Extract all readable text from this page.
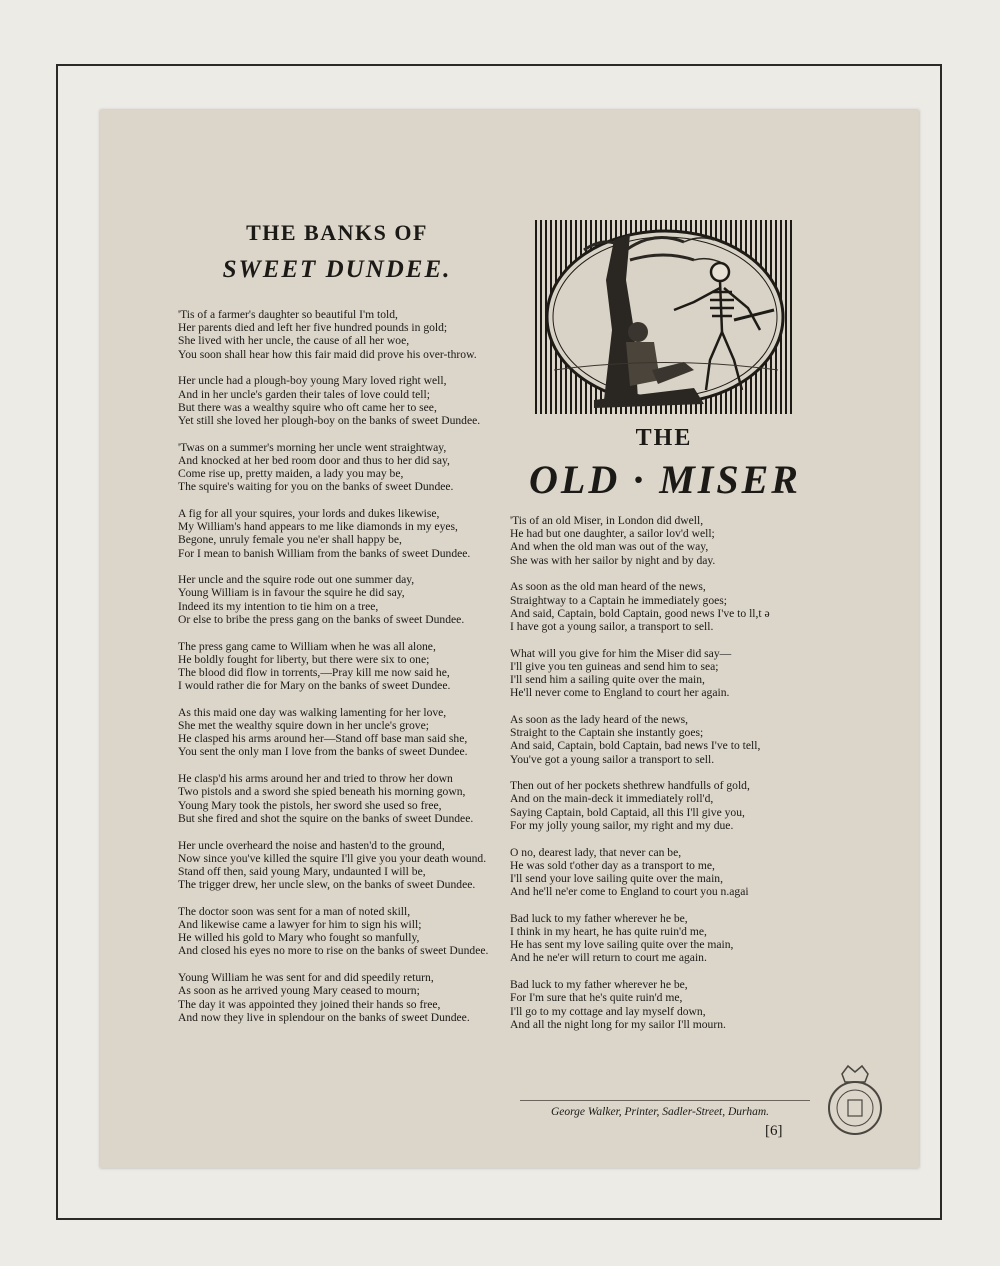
THE BANKS OF
SWEET DUNDEE.
'Tis of a farmer's daughter so beautiful I'm told,
Her parents died and left her five hundred pounds in gold;
She lived with her uncle, the cause of all her woe,
You soon shall hear how this fair maid did prove his over-throw.
Her uncle had a plough-boy young Mary loved right well,
And in her uncle's garden their tales of love could tell;
But there was a wealthy squire who oft came her to see,
Yet still she loved her plough-boy on the banks of sweet Dundee.
'Twas on a summer's morning her uncle went straightway,
And knocked at her bed room door and thus to her did say,
Come rise up, pretty maiden, a lady you may be,
The squire's waiting for you on the banks of sweet Dundee.
A fig for all your squires, your lords and dukes likewise,
My William's hand appears to me like diamonds in my eyes,
Begone, unruly female you ne'er shall happy be,
For I mean to banish William from the banks of sweet Dundee.
Her uncle and the squire rode out one summer day,
Young William is in favour the squire he did say,
Indeed its my intention to tie him on a tree,
Or else to bribe the press gang on the banks of sweet Dundee.
The press gang came to William when he was all alone,
He boldly fought for liberty, but there were six to one;
The blood did flow in torrents,—Pray kill me now said he,
I would rather die for Mary on the banks of sweet Dundee.
As this maid one day was walking lamenting for her love,
She met the wealthy squire down in her uncle's grove;
He clasped his arms around her—Stand off base man said she,
You sent the only man I love from the banks of sweet Dundee.
He clasp'd his arms around her and tried to throw her down
Two pistols and a sword she spied beneath his morning gown,
Young Mary took the pistols, her sword she used so free,
But she fired and shot the squire on the banks of sweet Dundee.
Her uncle overheard the noise and hasten'd to the ground,
Now since you've killed the squire I'll give you your death wound.
Stand off then, said young Mary, undaunted I will be,
The trigger drew, her uncle slew, on the banks of sweet Dundee.
The doctor soon was sent for a man of noted skill,
And likewise came a lawyer for him to sign his will;
He willed his gold to Mary who fought so manfully,
And closed his eyes no more to rise on the banks of sweet Dundee.
Young William he was sent for and did speedily return,
As soon as he arrived young Mary ceased to mourn;
The day it was appointed they joined their hands so free,
And now they live in splendour on the banks of sweet Dundee.
THE
OLD · MISER
'Tis of an old Miser, in London did dwell,
He had but one daughter, a sailor lov'd well;
And when the old man was out of the way,
She was with her sailor by night and by day.
As soon as the old man heard of the news,
Straightway to a Captain he immediately goes;
And said, Captain, bold Captain, good news I've to ll,t ə
I have got a young sailor, a transport to sell.
What will you give for him the Miser did say—
I'll give you ten guineas and send him to sea;
I'll send him a sailing quite over the main,
He'll never come to England to court her again.
As soon as the lady heard of the news,
Straight to the Captain she instantly goes;
And said, Captain, bold Captain, bad news I've to tell,
You've got a young sailor a transport to sell.
Then out of her pockets shethrew handfulls of gold,
And on the main-deck it immediately roll'd,
Saying Captain, bold Captaid, all this I'll give you,
For my jolly young sailor, my right and my due.
O no, dearest lady, that never can be,
He was sold t'other day as a transport to me,
I'll send your love sailing quite over the main,
And he'll ne'er come to England to court you n.agai
Bad luck to my father wherever he be,
I think in my heart, he has quite ruin'd me,
He has sent my love sailing quite over the main,
And he ne'er will return to court me again.
Bad luck to my father wherever he be,
For I'm sure that he's quite ruin'd me,
I'll go to my cottage and lay myself down,
And all the night long for my sailor I'll mourn.
George Walker, Printer, Sadler-Street, Durham.
[6]
